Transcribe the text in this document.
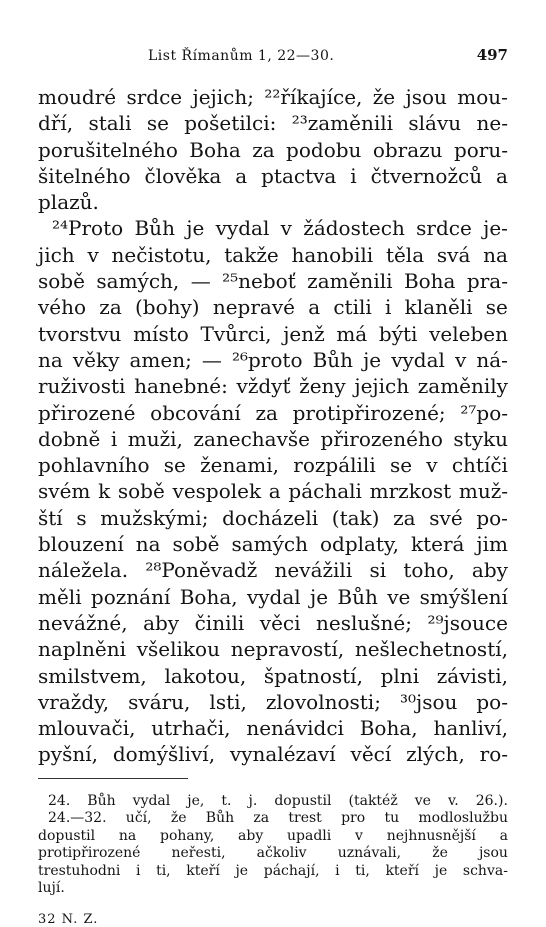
List Římanům 1, 22—30.	497
moudré srdce jejich; ²²říkajíce, že jsou mou-
dří, stali se pošetilci: ²³zaměnili slávu ne-
porušitelného Boha za podobu obrazu poru-
šitelného člověka a ptactva i čtvernožců a
plazů.
²⁴Proto Bůh je vydal v žádostech srdce je-
jich v nečistotu, takže hanobili těla svá na
sobě samých, — ²⁵neboť zaměnili Boha pra-
vého za (bohy) nepravé a ctili i klaněli se
tvorstvu místo Tvůrci, jenž má býti veleben
na věky amen; — ²⁶proto Bůh je vydal v ná-
ruživosti hanebné: vždyť ženy jejich zaměnily
přirozené obcování za protipřirozené; ²⁷po-
dobně i muži, zanechavše přirozeného styku
pohlavního se ženami, rozpálili se v chtíči
svém k sobě vespolek a páchali mrzkost muž-
ští s mužskými; docházeli (tak) za své po-
blouzení na sobě samých odplaty, která jim
náležela. ²⁸Poněvadž nevážili si toho, aby
měli poznání Boha, vydal je Bůh ve smýšlení
nevážné, aby činili věci neslušné; ²⁹jsouce
naplněni všelikou nepravostí, nešlechetností,
smilstvem, lakotou, špatností, plni závisti,
vraždy, sváru, lsti, zlovolnosti; ³⁰jsou po-
mlouvači, utrhači, nenávidci Boha, hanliví,
pyšní, domýšliví, vynalézaví věcí zlých, ro-
24. Bůh vydal je, t. j. dopustil (taktéž ve v. 26.).
24.—32. učí, že Bůh za trest pro tu modloslužbu
dopustil na pohany, aby upadli v nejhnusnější a
protipřirozené neřesti, ačkoliv uznávali, že jsou
trestuhodni i ti, kteří je páchají, i ti, kteří je schva-
lují.
32 N. Z.
